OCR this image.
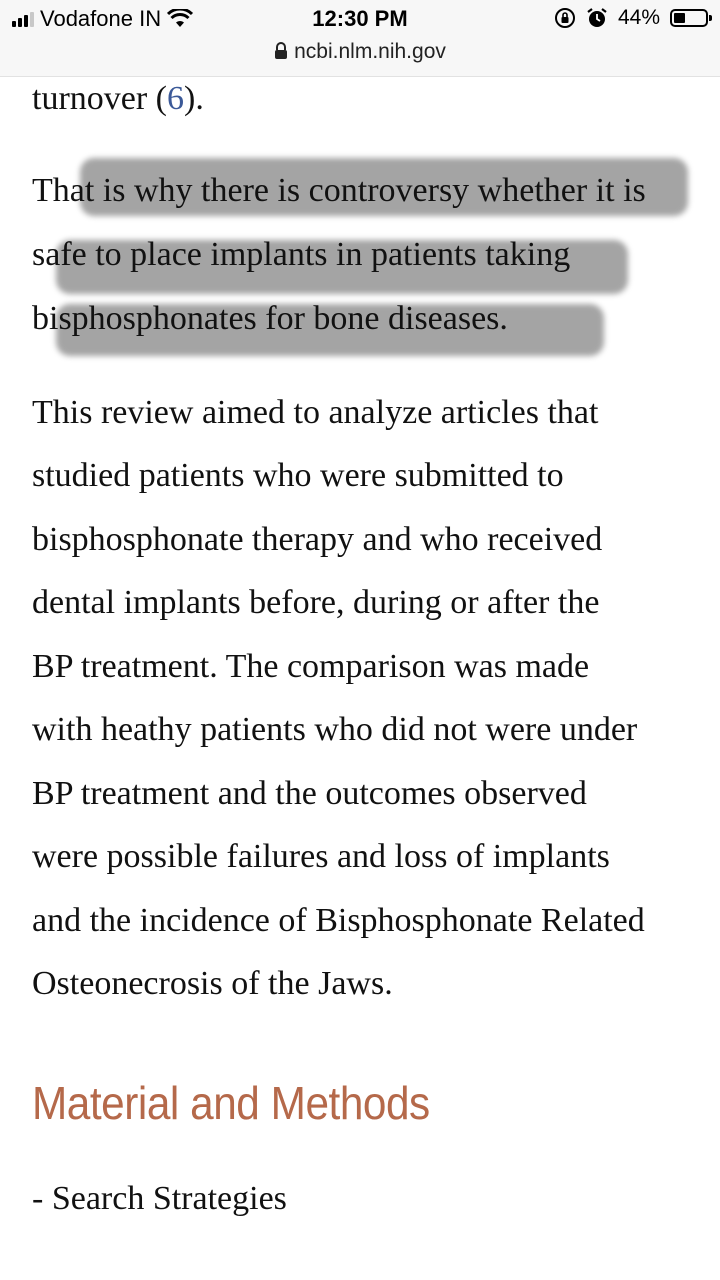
Vodafone IN	12:30 PM
ncbi.nlm.nih.gov
44%
turnover (6).
That is why there is controversy whether it is
safe to place implants in patients taking
bisphosphonates for bone diseases.
This review aimed to analyze articles that
studied patients who were submitted to
bisphosphonate therapy and who received
dental implants before, during or after the
BP treatment. The comparison was made
with heathy patients who did not were under
BP treatment and the outcomes observed
were possible failures and loss of implants
and the incidence of Bisphosphonate Related
Osteonecrosis of the Jaws.
Material and Methods
- Search Strategies
